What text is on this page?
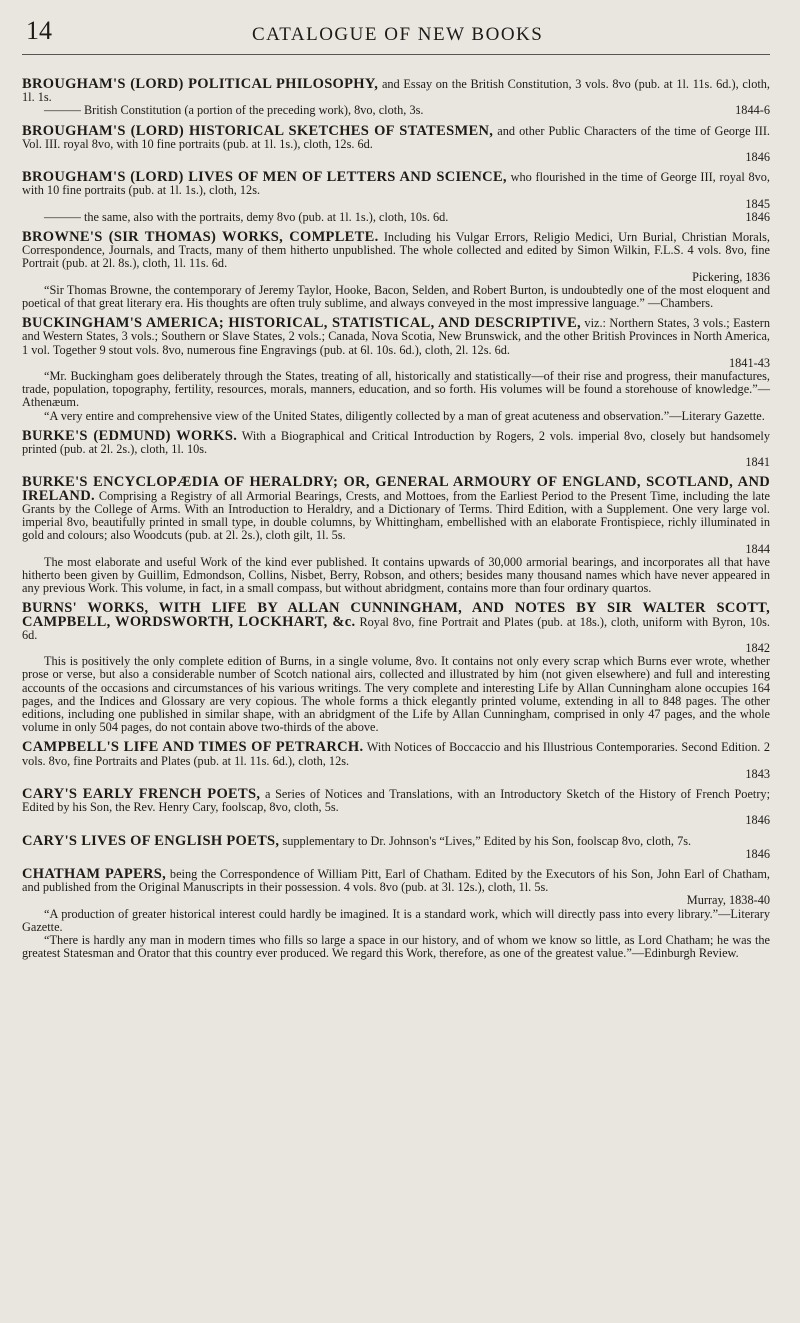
14	CATALOGUE OF NEW BOOKS

BROUGHAM'S (LORD) POLITICAL PHILOSOPHY, and Essay on the British Constitution, 3 vols. 8vo (pub. at 1l. 11s. 6d.), cloth, 1l. 1s.

——— British Constitution (a portion of the preceding work), 8vo, cloth, 3s.	1844-6

BROUGHAM'S (LORD) HISTORICAL SKETCHES OF STATESMEN, and other Public Characters of the time of George III. Vol. III. royal 8vo, with 10 fine portraits (pub. at 1l. 1s.), cloth, 12s. 6d.

1846

BROUGHAM'S (LORD) LIVES OF MEN OF LETTERS AND SCIENCE, who flourished in the time of George III, royal 8vo, with 10 fine portraits (pub. at 1l. 1s.), cloth, 12s.

1845

——— the same, also with the portraits, demy 8vo (pub. at 1l. 1s.), cloth, 10s. 6d.	1846

BROWNE'S (SIR THOMAS) WORKS, COMPLETE. Including his Vulgar Errors, Religio Medici, Urn Burial, Christian Morals, Correspondence, Journals, and Tracts, many of them hitherto unpublished. The whole collected and edited by Simon Wilkin, F.L.S. 4 vols. 8vo, fine Portrait (pub. at 2l. 8s.), cloth, 1l. 11s. 6d.

Pickering, 1836

“Sir Thomas Browne, the contemporary of Jeremy Taylor, Hooke, Bacon, Selden, and Robert Burton, is undoubtedly one of the most eloquent and poetical of that great literary era. His thoughts are often truly sublime, and always conveyed in the most impressive language.” —Chambers.

BUCKINGHAM'S AMERICA; HISTORICAL, STATISTICAL, AND DESCRIPTIVE, viz.: Northern States, 3 vols.; Eastern and Western States, 3 vols.; Southern or Slave States, 2 vols.; Canada, Nova Scotia, New Brunswick, and the other British Provinces in North America, 1 vol. Together 9 stout vols. 8vo, numerous fine Engravings (pub. at 6l. 10s. 6d.), cloth, 2l. 12s. 6d.

1841-43

“Mr. Buckingham goes deliberately through the States, treating of all, historically and statistically—of their rise and progress, their manufactures, trade, population, topography, fertility, resources, morals, manners, education, and so forth. His volumes will be found a storehouse of knowledge.”—Athenæum.

“A very entire and comprehensive view of the United States, diligently collected by a man of great acuteness and observation.”—Literary Gazette.

BURKE'S (EDMUND) WORKS. With a Biographical and Critical Introduction by Rogers, 2 vols. imperial 8vo, closely but handsomely printed (pub. at 2l. 2s.), cloth, 1l. 10s.

1841

BURKE'S ENCYCLOPÆDIA OF HERALDRY; OR, GENERAL ARMOURY OF ENGLAND, SCOTLAND, AND IRELAND. Comprising a Registry of all Armorial Bearings, Crests, and Mottoes, from the Earliest Period to the Present Time, including the late Grants by the College of Arms. With an Introduction to Heraldry, and a Dictionary of Terms. Third Edition, with a Supplement. One very large vol. imperial 8vo, beautifully printed in small type, in double columns, by Whittingham, embellished with an elaborate Frontispiece, richly illuminated in gold and colours; also Woodcuts (pub. at 2l. 2s.), cloth gilt, 1l. 5s.

1844

The most elaborate and useful Work of the kind ever published. It contains upwards of 30,000 armorial bearings, and incorporates all that have hitherto been given by Guillim, Edmondson, Collins, Nisbet, Berry, Robson, and others; besides many thousand names which have never appeared in any previous Work. This volume, in fact, in a small compass, but without abridgment, contains more than four ordinary quartos.

BURNS' WORKS, WITH LIFE BY ALLAN CUNNINGHAM, AND NOTES BY SIR WALTER SCOTT, CAMPBELL, WORDSWORTH, LOCKHART, &c. Royal 8vo, fine Portrait and Plates (pub. at 18s.), cloth, uniform with Byron, 10s. 6d.

1842

This is positively the only complete edition of Burns, in a single volume, 8vo. It contains not only every scrap which Burns ever wrote, whether prose or verse, but also a considerable number of Scotch national airs, collected and illustrated by him (not given elsewhere) and full and interesting accounts of the occasions and circumstances of his various writings. The very complete and interesting Life by Allan Cunningham alone occupies 164 pages, and the Indices and Glossary are very copious. The whole forms a thick elegantly printed volume, extending in all to 848 pages. The other editions, including one published in similar shape, with an abridgment of the Life by Allan Cunningham, comprised in only 47 pages, and the whole volume in only 504 pages, do not contain above two-thirds of the above.

CAMPBELL'S LIFE AND TIMES OF PETRARCH. With Notices of Boccaccio and his Illustrious Contemporaries. Second Edition. 2 vols. 8vo, fine Portraits and Plates (pub. at 1l. 11s. 6d.), cloth, 12s.

1843

CARY'S EARLY FRENCH POETS, a Series of Notices and Translations, with an Introductory Sketch of the History of French Poetry; Edited by his Son, the Rev. Henry Cary, foolscap, 8vo, cloth, 5s.

1846

CARY'S LIVES OF ENGLISH POETS, supplementary to Dr. Johnson's “Lives,” Edited by his Son, foolscap 8vo, cloth, 7s.

1846

CHATHAM PAPERS, being the Correspondence of William Pitt, Earl of Chatham. Edited by the Executors of his Son, John Earl of Chatham, and published from the Original Manuscripts in their possession. 4 vols. 8vo (pub. at 3l. 12s.), cloth, 1l. 5s.

Murray, 1838-40

“A production of greater historical interest could hardly be imagined. It is a standard work, which will directly pass into every library.”—Literary Gazette.

“There is hardly any man in modern times who fills so large a space in our history, and of whom we know so little, as Lord Chatham; he was the greatest Statesman and Orator that this country ever produced. We regard this Work, therefore, as one of the greatest value.”—Edinburgh Review.
